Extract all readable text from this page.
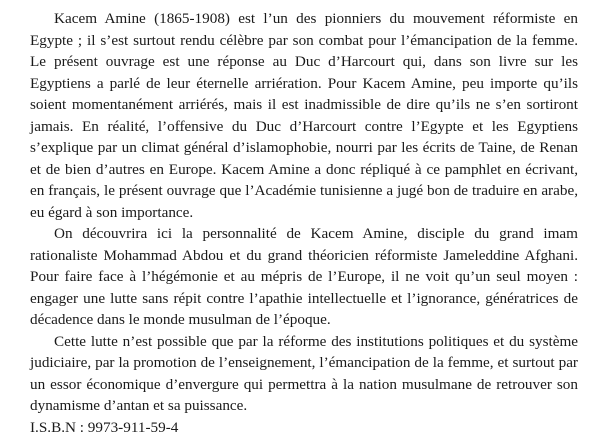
Kacem Amine (1865-1908) est l’un des pionniers du mouvement réformiste en Egypte ; il s’est surtout rendu célèbre par son combat pour l’émancipation de la femme. Le présent ouvrage est une réponse au Duc d’Harcourt qui, dans son livre sur les Egyptiens a parlé de leur éternelle arriération. Pour Kacem Amine, peu importe qu’ils soient momentanément arriérés, mais il est inadmissible de dire qu’ils ne s’en sortiront jamais. En réalité, l’offensive du Duc d’Harcourt contre l’Egypte et les Egyptiens s’explique par un climat général d’islamophobie, nourri par les écrits de Taine, de Renan et de bien d’autres en Europe. Kacem Amine a donc répliqué à ce pamphlet en écrivant, en français, le présent ouvrage que l’Académie tunisienne a jugé bon de traduire en arabe, eu égard à son importance.

On découvrira ici la personnalité de Kacem Amine, disciple du grand imam rationaliste Mohammad Abdou et du grand théoricien réformiste Jameleddine Afghani. Pour faire face à l’hégémonie et au mépris de l’Europe, il ne voit qu’un seul moyen : engager une lutte sans répit contre l’apathie intellectuelle et l’ignorance, génératrices de décadence dans le monde musulman de l’époque.

Cette lutte n’est possible que par la réforme des institutions politiques et du système judiciaire, par la promotion de l’enseignement, l’émancipation de la femme, et surtout par un essor économique d’envergure qui permettra à la nation musulmane de retrouver son dynamisme d’antan et sa puissance.

I.S.B.N : 9973-911-59-4
